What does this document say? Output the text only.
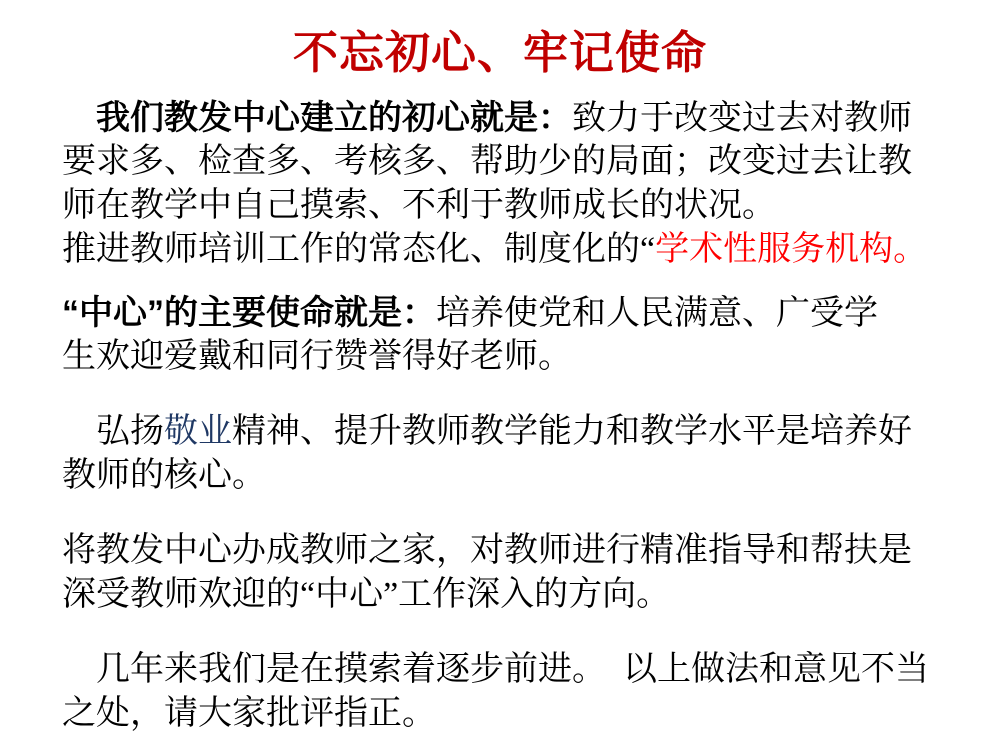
不忘初心、牢记使命
　我们教发中心建立的初心就是：致力于改变过去对教师
要求多、检查多、考核多、帮助少的局面；改变过去让教
师在教学中自己摸索、不利于教师成长的状况。
推进教师培训工作的常态化、制度化的“学术性服务机构。
“中心”的主要使命就是：培养使党和人民满意、广受学
生欢迎爱戴和同行赞誉得好老师。
　弘扬敬业精神、提升教师教学能力和教学水平是培养好
教师的核心。
将教发中心办成教师之家，对教师进行精准指导和帮扶是
深受教师欢迎的“中心”工作深入的方向。
　几年来我们是在摸索着逐步前进。　以上做法和意见不当
之处，请大家批评指正。
